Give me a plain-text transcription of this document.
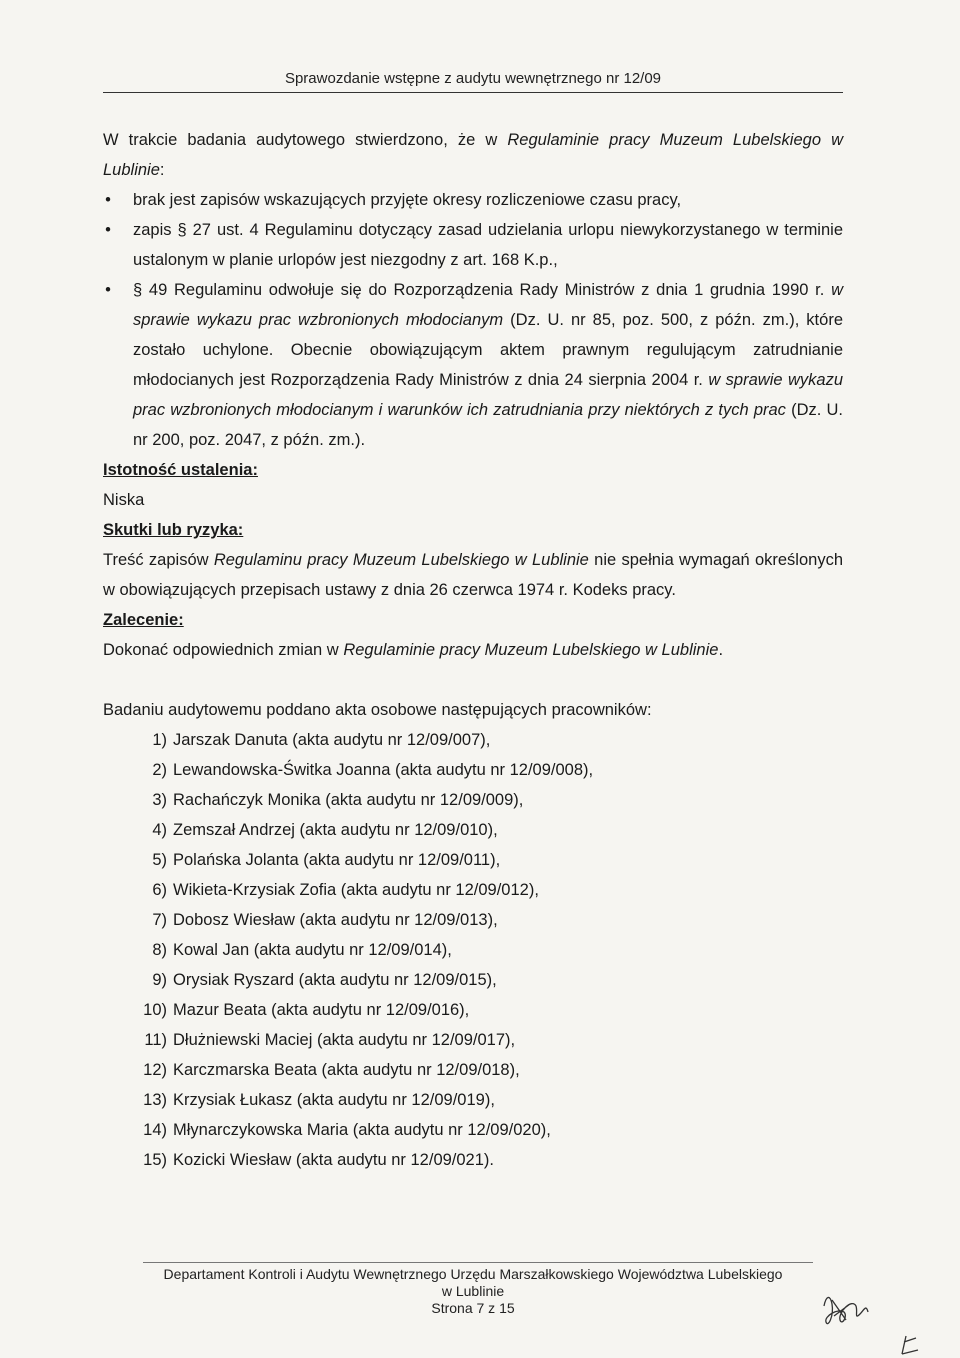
Sprawozdanie wstępne z audytu wewnętrznego nr 12/09

W trakcie badania audytowego stwierdzono, że w Regulaminie pracy Muzeum Lubelskiego w Lublinie:

• brak jest zapisów wskazujących przyjęte okresy rozliczeniowe czasu pracy,
• zapis § 27 ust. 4 Regulaminu dotyczący zasad udzielania urlopu niewykorzystanego w terminie ustalonym w planie urlopów jest niezgodny z art. 168 K.p.,
• § 49 Regulaminu odwołuje się do Rozporządzenia Rady Ministrów z dnia 1 grudnia 1990 r. w sprawie wykazu prac wzbronionych młodocianym (Dz. U. nr 85, poz. 500, z późn. zm.), które zostało uchylone. Obecnie obowiązującym aktem prawnym regulującym zatrudnianie młodocianych jest Rozporządzenia Rady Ministrów z dnia 24 sierpnia 2004 r. w sprawie wykazu prac wzbronionych młodocianym i warunków ich zatrudniania przy niektórych z tych prac (Dz. U. nr 200, poz. 2047, z późn. zm.).

Istotność ustalenia:

Niska

Skutki lub ryzyka:

Treść zapisów Regulaminu pracy Muzeum Lubelskiego w Lublinie nie spełnia wymagań określonych w obowiązujących przepisach ustawy z dnia 26 czerwca 1974 r. Kodeks pracy.

Zalecenie:

Dokonać odpowiednich zmian w Regulaminie pracy Muzeum Lubelskiego w Lublinie.

Badaniu audytowemu poddano akta osobowe następujących pracowników:

1) Jarszak Danuta (akta audytu nr 12/09/007),
2) Lewandowska-Świtka Joanna (akta audytu nr 12/09/008),
3) Rachańczyk Monika (akta audytu nr 12/09/009),
4) Zemszał Andrzej (akta audytu nr 12/09/010),
5) Polańska Jolanta (akta audytu nr 12/09/011),
6) Wikieta-Krzysiak Zofia (akta audytu nr 12/09/012),
7) Dobosz Wiesław (akta audytu nr 12/09/013),
8) Kowal Jan (akta audytu nr 12/09/014),
9) Orysiak Ryszard (akta audytu nr 12/09/015),
10) Mazur Beata (akta audytu nr 12/09/016),
11) Dłużniewski Maciej (akta audytu nr 12/09/017),
12) Karczmarska Beata (akta audytu nr 12/09/018),
13) Krzysiak Łukasz (akta audytu nr 12/09/019),
14) Młynarczykowska Maria (akta audytu nr 12/09/020),
15) Kozicki Wiesław (akta audytu nr 12/09/021).
Departament Kontroli i Audytu Wewnętrznego Urzędu Marszałkowskiego Województwa Lubelskiego
w Lublinie
Strona 7 z 15
